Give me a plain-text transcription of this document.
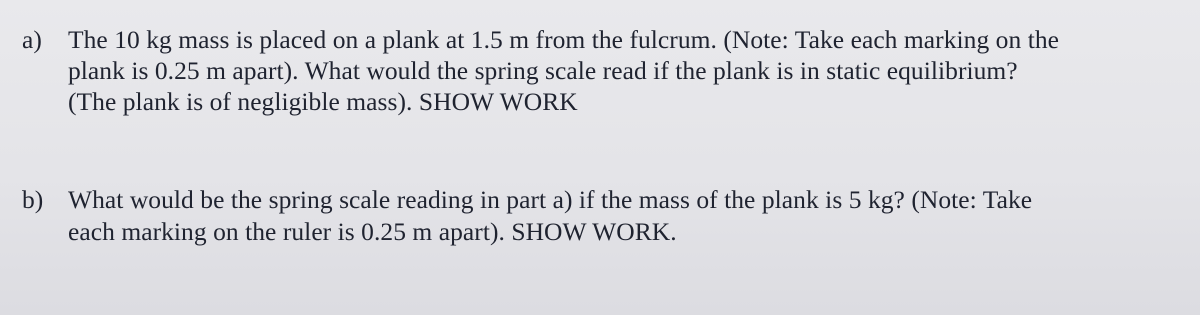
a)	The 10 kg mass is placed on a plank at 1.5 m from the fulcrum. (Note: Take each marking on the
plank is 0.25 m apart). What would the spring scale read if the plank is in static equilibrium?
(The plank is of negligible mass). SHOW WORK
b) What would be the spring scale reading in part a) if the mass of the plank is 5 kg? (Note: Take
each marking on the ruler is 0.25 m apart). SHOW WORK.
